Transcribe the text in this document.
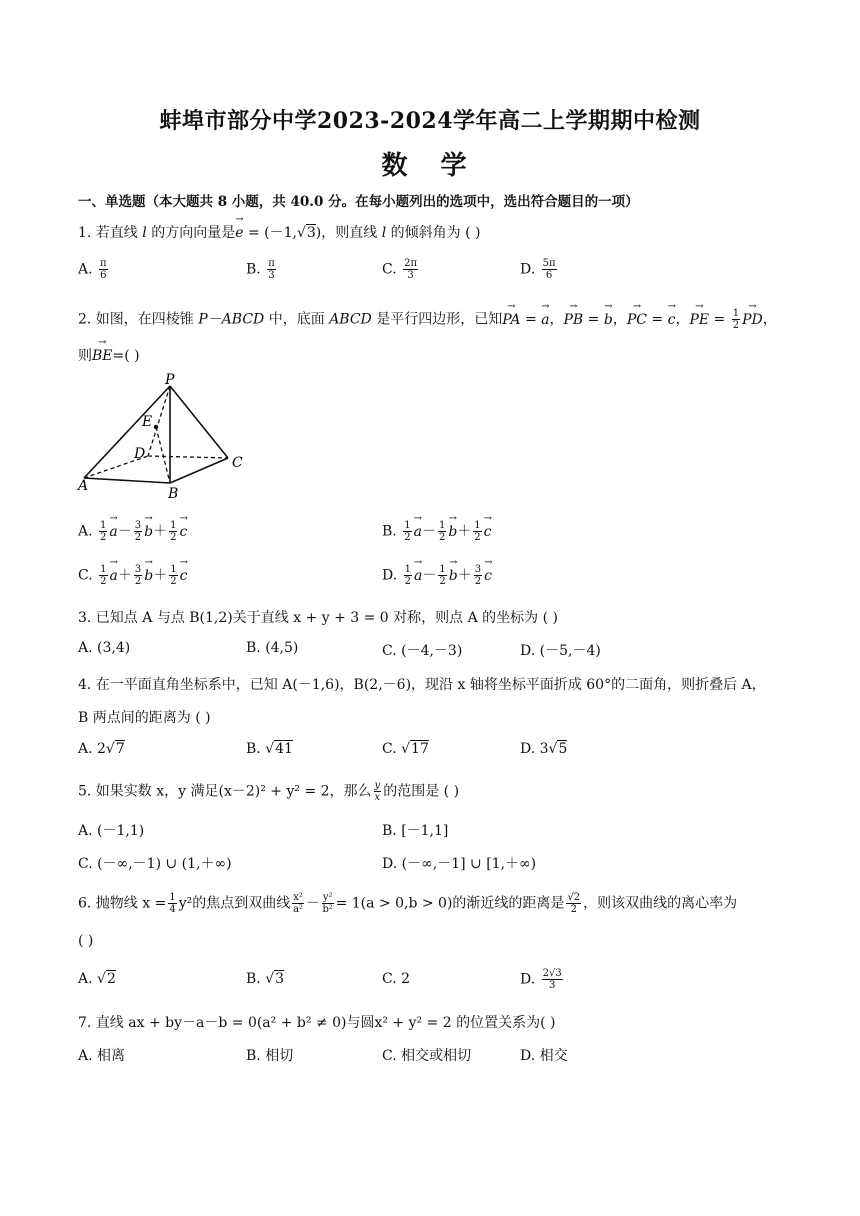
蚌埠市部分中学2023-2024学年高二上学期期中检测
数 学
一、单选题（本大题共 8 小题，共 40.0 分。在每小题列出的选项中，选出符合题目的一项）
1. 若直线 l 的方向向量是e → = (－1, √ 3)，则直线 l 的倾斜角为 ( )
A. $\frac{\pi}{6}$	B. $\frac{\pi}{3}$	C. $\frac{2\pi}{3}$	D. $\frac{5\pi}{6}$
2. 如图，在四棱锥 P－ABCD 中，底面 ABCD 是平行四边形，已知PA → = a →，PB → = b →，PC → = c →，PE → = $\frac{1}{2}$ PD →，
则BE →=( )
P
E
D
C
A	B
A. $\frac{1}{2}$ $a \to- \frac{3}{2}$ $b \to+ \frac{1}{2}$ c →	B. $\frac{1}{2}$ $a \to- \frac{1}{2}$ $b \to+ \frac{1}{2}$ c →
C. $\frac{1}{2}$ $a \to+ \frac{3}{2}$ $b \to+ \frac{1}{2}$ c →	D. $\frac{1}{2}$ $a \to- \frac{1}{2}$ $b \to+ \frac{3}{2}$ c →
3. 已知点 A 与点 B(1,2)关于直线 x + y + 3 = 0 对称，则点 A 的坐标为 ( )
A. (3,4)	B. (4,5)	C. (－4,－3)	D. (－5,－4)
4. 在一平面直角坐标系中，已知 A(－1,6)，B(2,－6)，现沿 x 轴将坐标平面折成 60°的二面角，则折叠后 A，
B 两点间的距离为 ( )
A. 2 √ 7	B. √ 41	C. √ 17	D. 3 √ 5
5. 如果实数 x，y 满足(x－2)² + y² = 2，那么 $\frac{y}{x}$ 的范围是 ( )
A. (－1,1)	B. [－1,1]
C. (－∞,－1) ∪ (1,＋∞)	D. (－∞,－1] ∪ [1,＋∞)
6. 抛物线 $x = \frac{1}{4} y^2$的焦点到双曲线 $\frac{\text{x²}}{\text{a²}} - \frac{\text{y²}}{\text{b²}} = 1(a > 0,b > 0)$的渐近线的距离是 $\frac{√2}{2}$ ，则该双曲线的离心率为
( )
A. √ 2	B. √ 3	C. 2	D. $\frac{2√3}{3}$
7. 直线 ax + by－a－b = 0(a² + b² ≠ 0)与圆x² + y² = 2 的位置关系为( )
A. 相离	B. 相切	C. 相交或相切	D. 相交
